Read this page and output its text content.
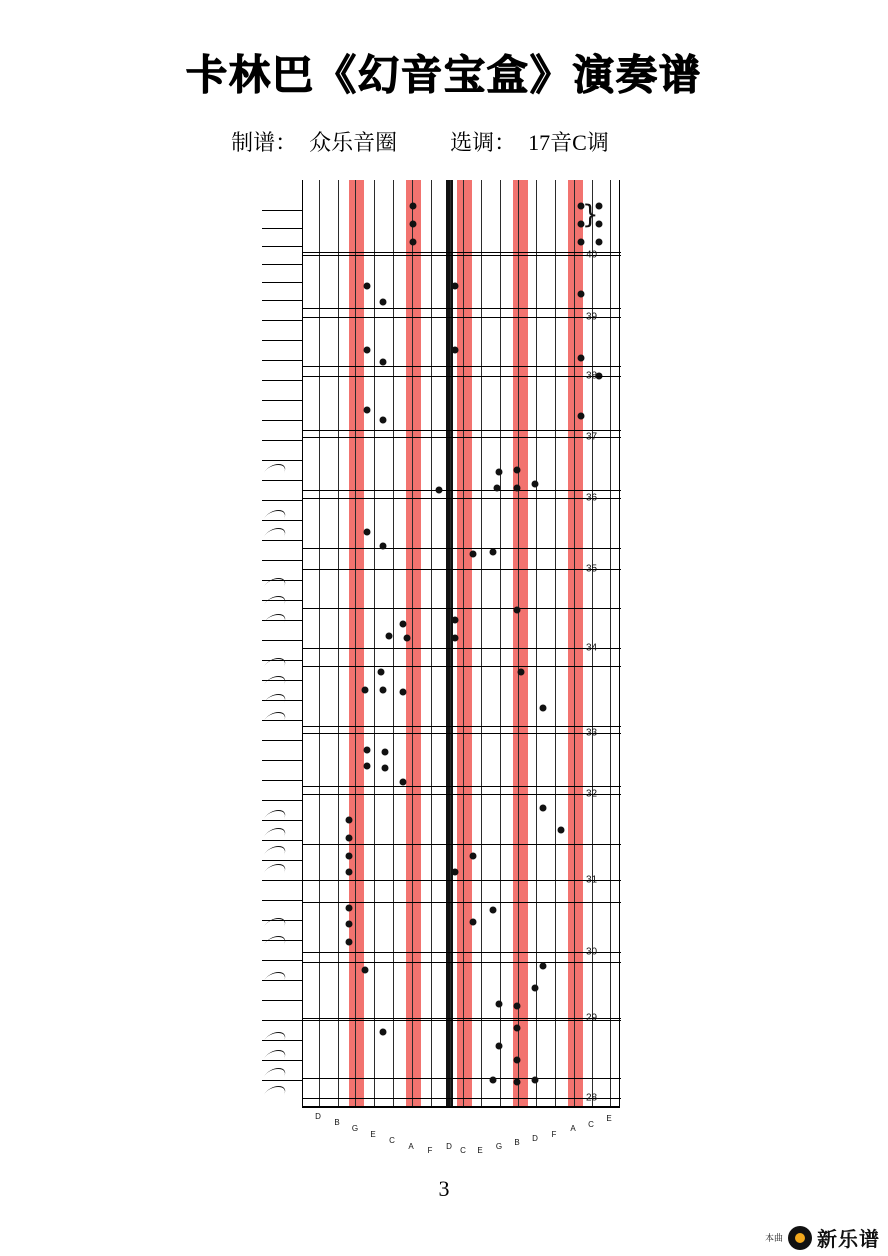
卡林巴《幻音宝盒》演奏谱
制谱： 众乐音圈 选调： 17音C调
}
40
39
38
37
36
35
34
33
32
31
30
29
28
D
B
G
E
C
A F D C E G B D F
A C
E
3
本曲 新乐谱
